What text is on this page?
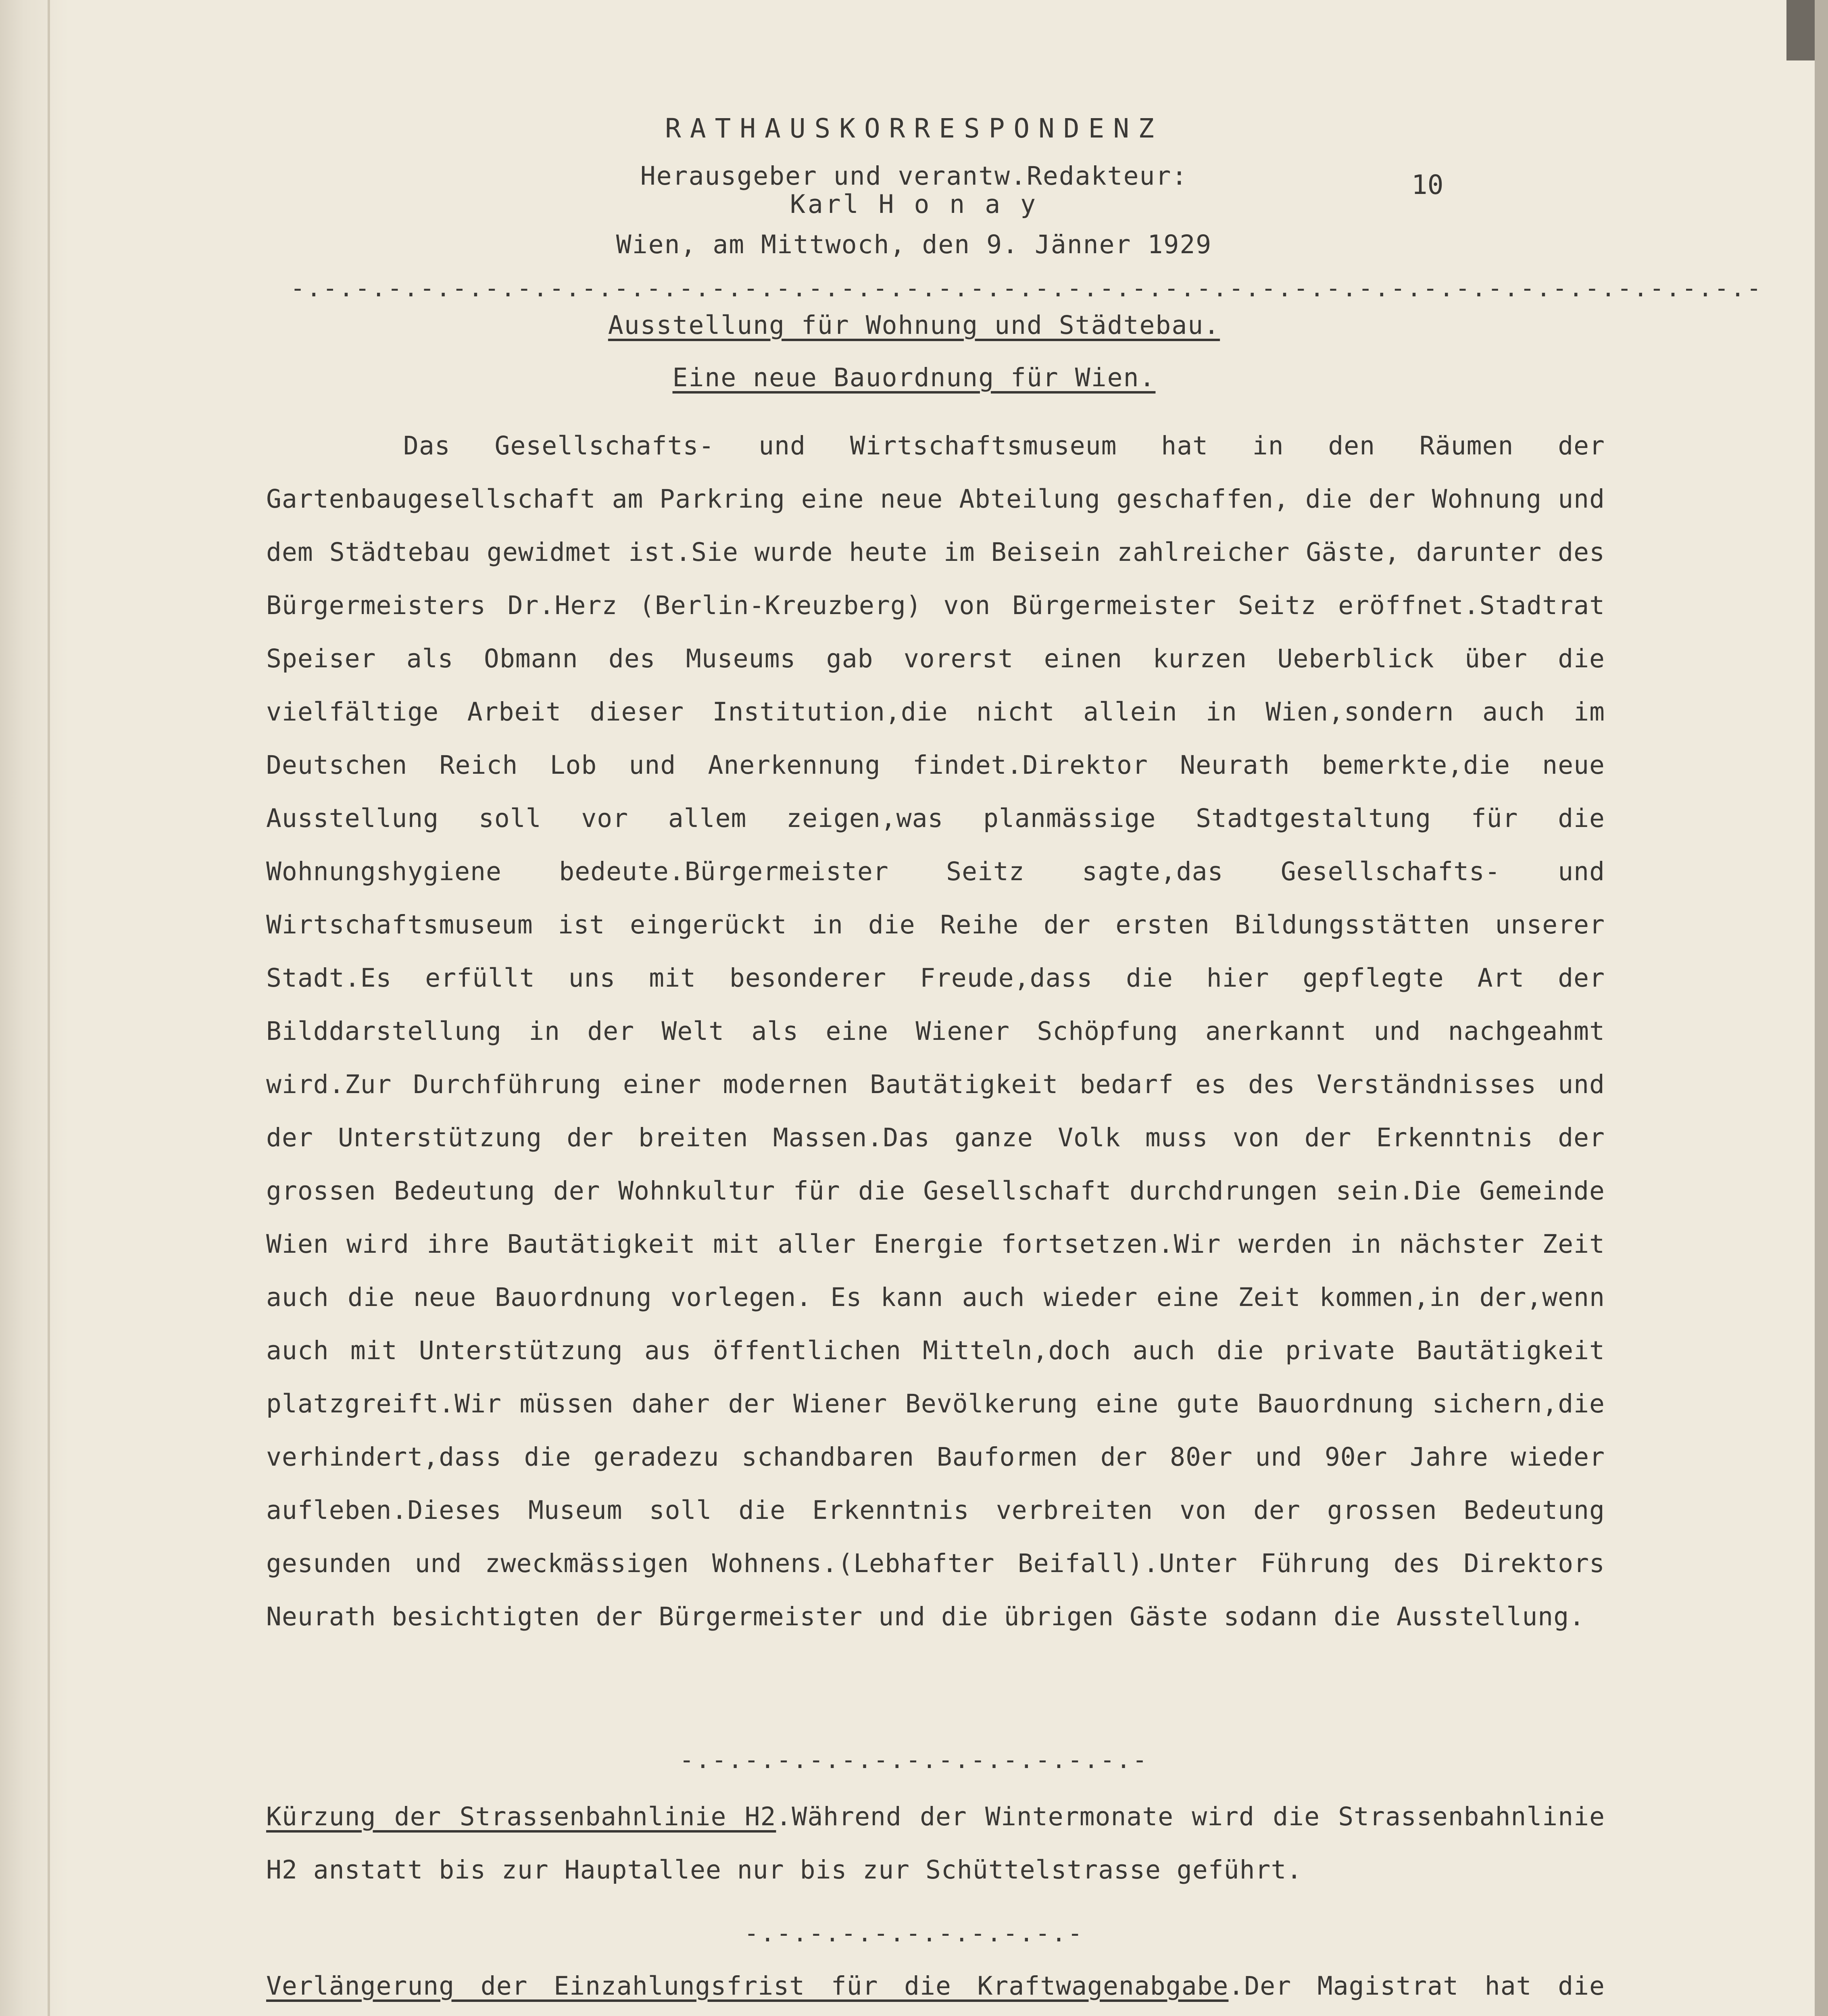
RATHAUSKORRESPONDENZ
Herausgeber und verantw.Redakteur:
Karl H o n a y
Wien, am Mittwoch, den 9. Jänner 1929
10
-.-.-.-.-.-.-.-.-.-.-.-.-.-.-.-.-.-.-.-.-.-.-.-.-.-.-.-.-.-.-.-.-.-.-.-.-.-.-.-.-.-.-.-.-.-
Ausstellung für Wohnung und Städtebau.
Eine neue Bauordnung für Wien.

Das Gesellschafts- und Wirtschaftsmuseum hat in den Räumen der Gartenbaugesellschaft am Parkring eine neue Abteilung geschaffen, die der Wohnung und dem Städtebau gewidmet ist.Sie wurde heute im Beisein zahlreicher Gäste, darunter des Bürgermeisters Dr.Herz (Berlin-Kreuzberg) von Bürgermeister Seitz eröffnet.Stadtrat Speiser als Obmann des Museums gab vorerst einen kurzen Ueberblick über die vielfältige Arbeit dieser Institution,die nicht allein in Wien,sondern auch im Deutschen Reich Lob und Anerkennung findet.Direktor Neurath bemerkte,die neue Ausstellung soll vor allem zeigen,was planmässige Stadtgestaltung für die Wohnungshygiene bedeute.Bürgermeister Seitz sagte,das Gesellschafts- und Wirtschaftsmuseum ist eingerückt in die Reihe der ersten Bildungsstätten unserer Stadt.Es erfüllt uns mit besonderer Freude,dass die hier gepflegte Art der Bilddarstellung in der Welt als eine Wiener Schöpfung anerkannt und nachgeahmt wird.Zur Durchführung einer modernen Bautätigkeit bedarf es des Verständnisses und der Unterstützung der breiten Massen.Das ganze Volk muss von der Erkenntnis der grossen Bedeutung der Wohnkultur für die Gesellschaft durchdrungen sein.Die Gemeinde Wien wird ihre Bautätigkeit mit aller Energie fortsetzen.Wir werden in nächster Zeit auch die neue Bauordnung vorlegen. Es kann auch wieder eine Zeit kommen,in der,wenn auch mit Unterstützung aus öffentlichen Mitteln,doch auch die private Bautätigkeit platzgreift.Wir müssen daher der Wiener Bevölkerung eine gute Bauordnung sichern,die verhindert,dass die geradezu schandbaren Bauformen der 80er und 90er Jahre wieder aufleben.Dieses Museum soll die Erkenntnis verbreiten von der grossen Bedeutung gesunden und zweckmässigen Wohnens.(Lebhafter Beifall).Unter Führung des Direktors Neurath besichtigten der Bürgermeister und die übrigen Gäste sodann die Ausstellung.

-.-.-.-.-.-.-.-.-.-.-.-.-.-.-
Kürzung der Strassenbahnlinie H2.Während der Wintermonate wird die Strassenbahnlinie H2 anstatt bis zur Hauptallee nur bis zur Schüttelstrasse geführt.
-.-.-.-.-.-.-.-.-.-.-
Verlängerung der Einzahlungsfrist für die Kraftwagenabgabe.Der Magistrat hat die
